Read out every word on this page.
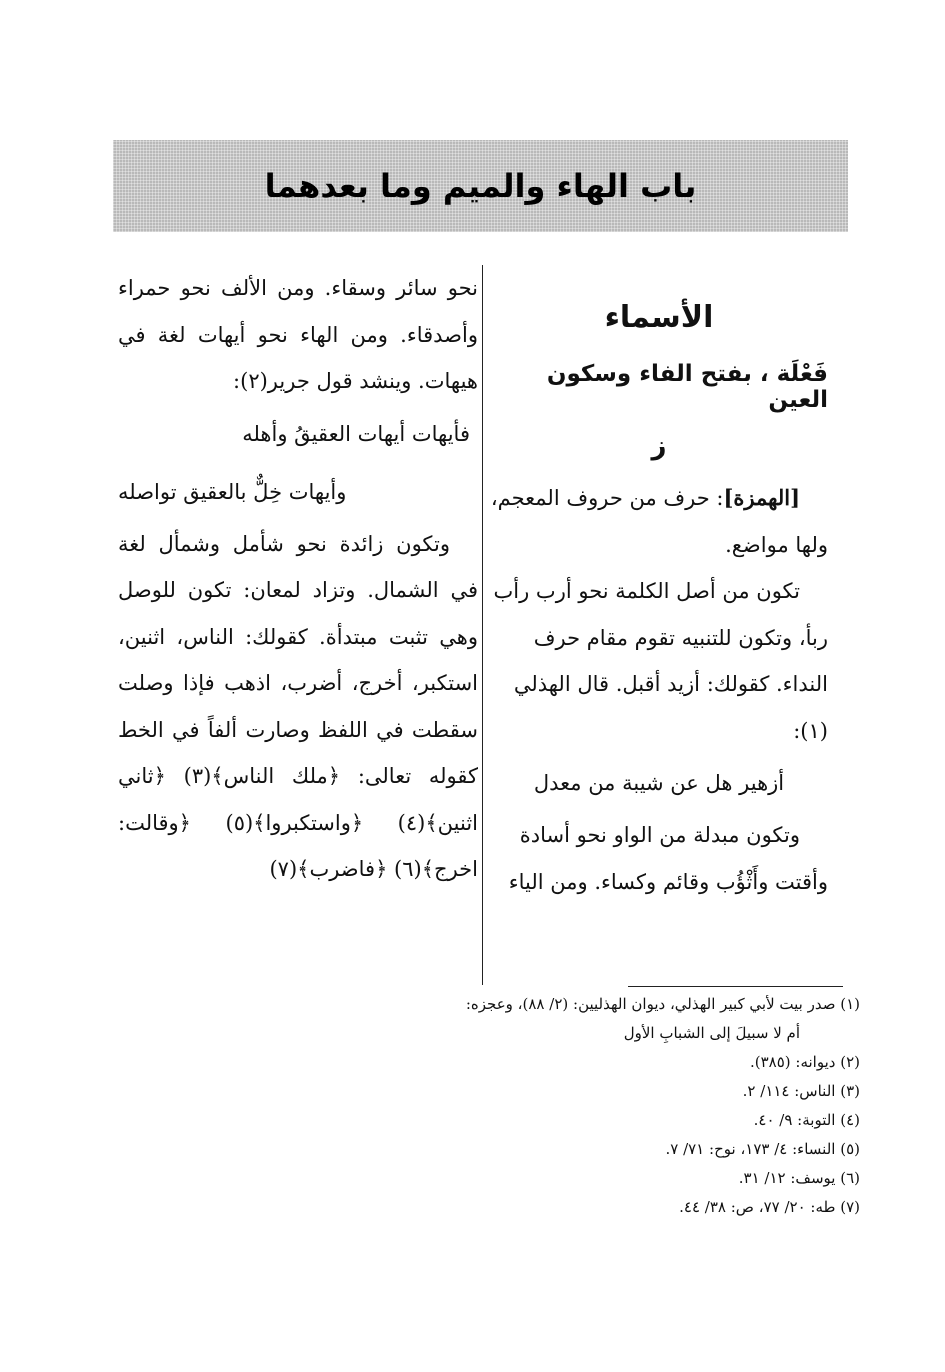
باب الهاء والميم وما بعدهما
الأسماء
فَعْلَة ، بفتح الفاء وسكون العين
ز

[الهمزة]: حرف من حروف المعجم، ولها مواضع.

تكون من أصل الكلمة نحو أرب رأب ربأ، وتكون للتنبيه تقوم مقام حرف النداء. كقولك: أزيد أقبل. قال الهذلي (١):

أزهير هل عن شيبة من معدل

وتكون مبدلة من الواو نحو أسادة وأقتت وأَثْؤُب وقائم وكساء. ومن الياء

نحو سائر وسقاء. ومن الألف نحو حمراء وأصدقاء. ومن الهاء نحو أيهات لغة في هيهات. وينشد قول جرير(٢):

فأيهات أيهات العقيقُ وأهله

وأيهات خِلٌّ بالعقيق تواصله

وتكون زائدة نحو شأمل وشمأل لغة في الشمال. وتزاد لمعان: تكون للوصل وهي تثبت مبتدأة. كقولك: الناس، اثنين، استكبر، أخرج، أضرب، اذهب فإذا وصلت سقطت في اللفظ وصارت ألفاً في الخط كقوله تعالى: ﴿ملك الناس﴾(٣) ﴿ثاني اثنين﴾(٤) ﴿واستكبروا﴾(٥) ﴿وقالت: اخرج﴾(٦) ﴿فاضرب﴾(٧)

(١) صدر بيت لأبي كبير الهذلي، ديوان الهذليين: (٢/ ٨٨)، وعجزه:

أم لا سبيلَ إلى الشبابِ الأول

(٢) ديوانه: (٣٨٥).

(٣) الناس: ١١٤/ ٢.

(٤) التوبة: ٩/ ٤٠.

(٥) النساء: ٤/ ١٧٣، نوح: ٧١/ ٧.

(٦) يوسف: ١٢/ ٣١.

(٧) طه: ٢٠/ ٧٧، ص: ٣٨/ ٤٤.
